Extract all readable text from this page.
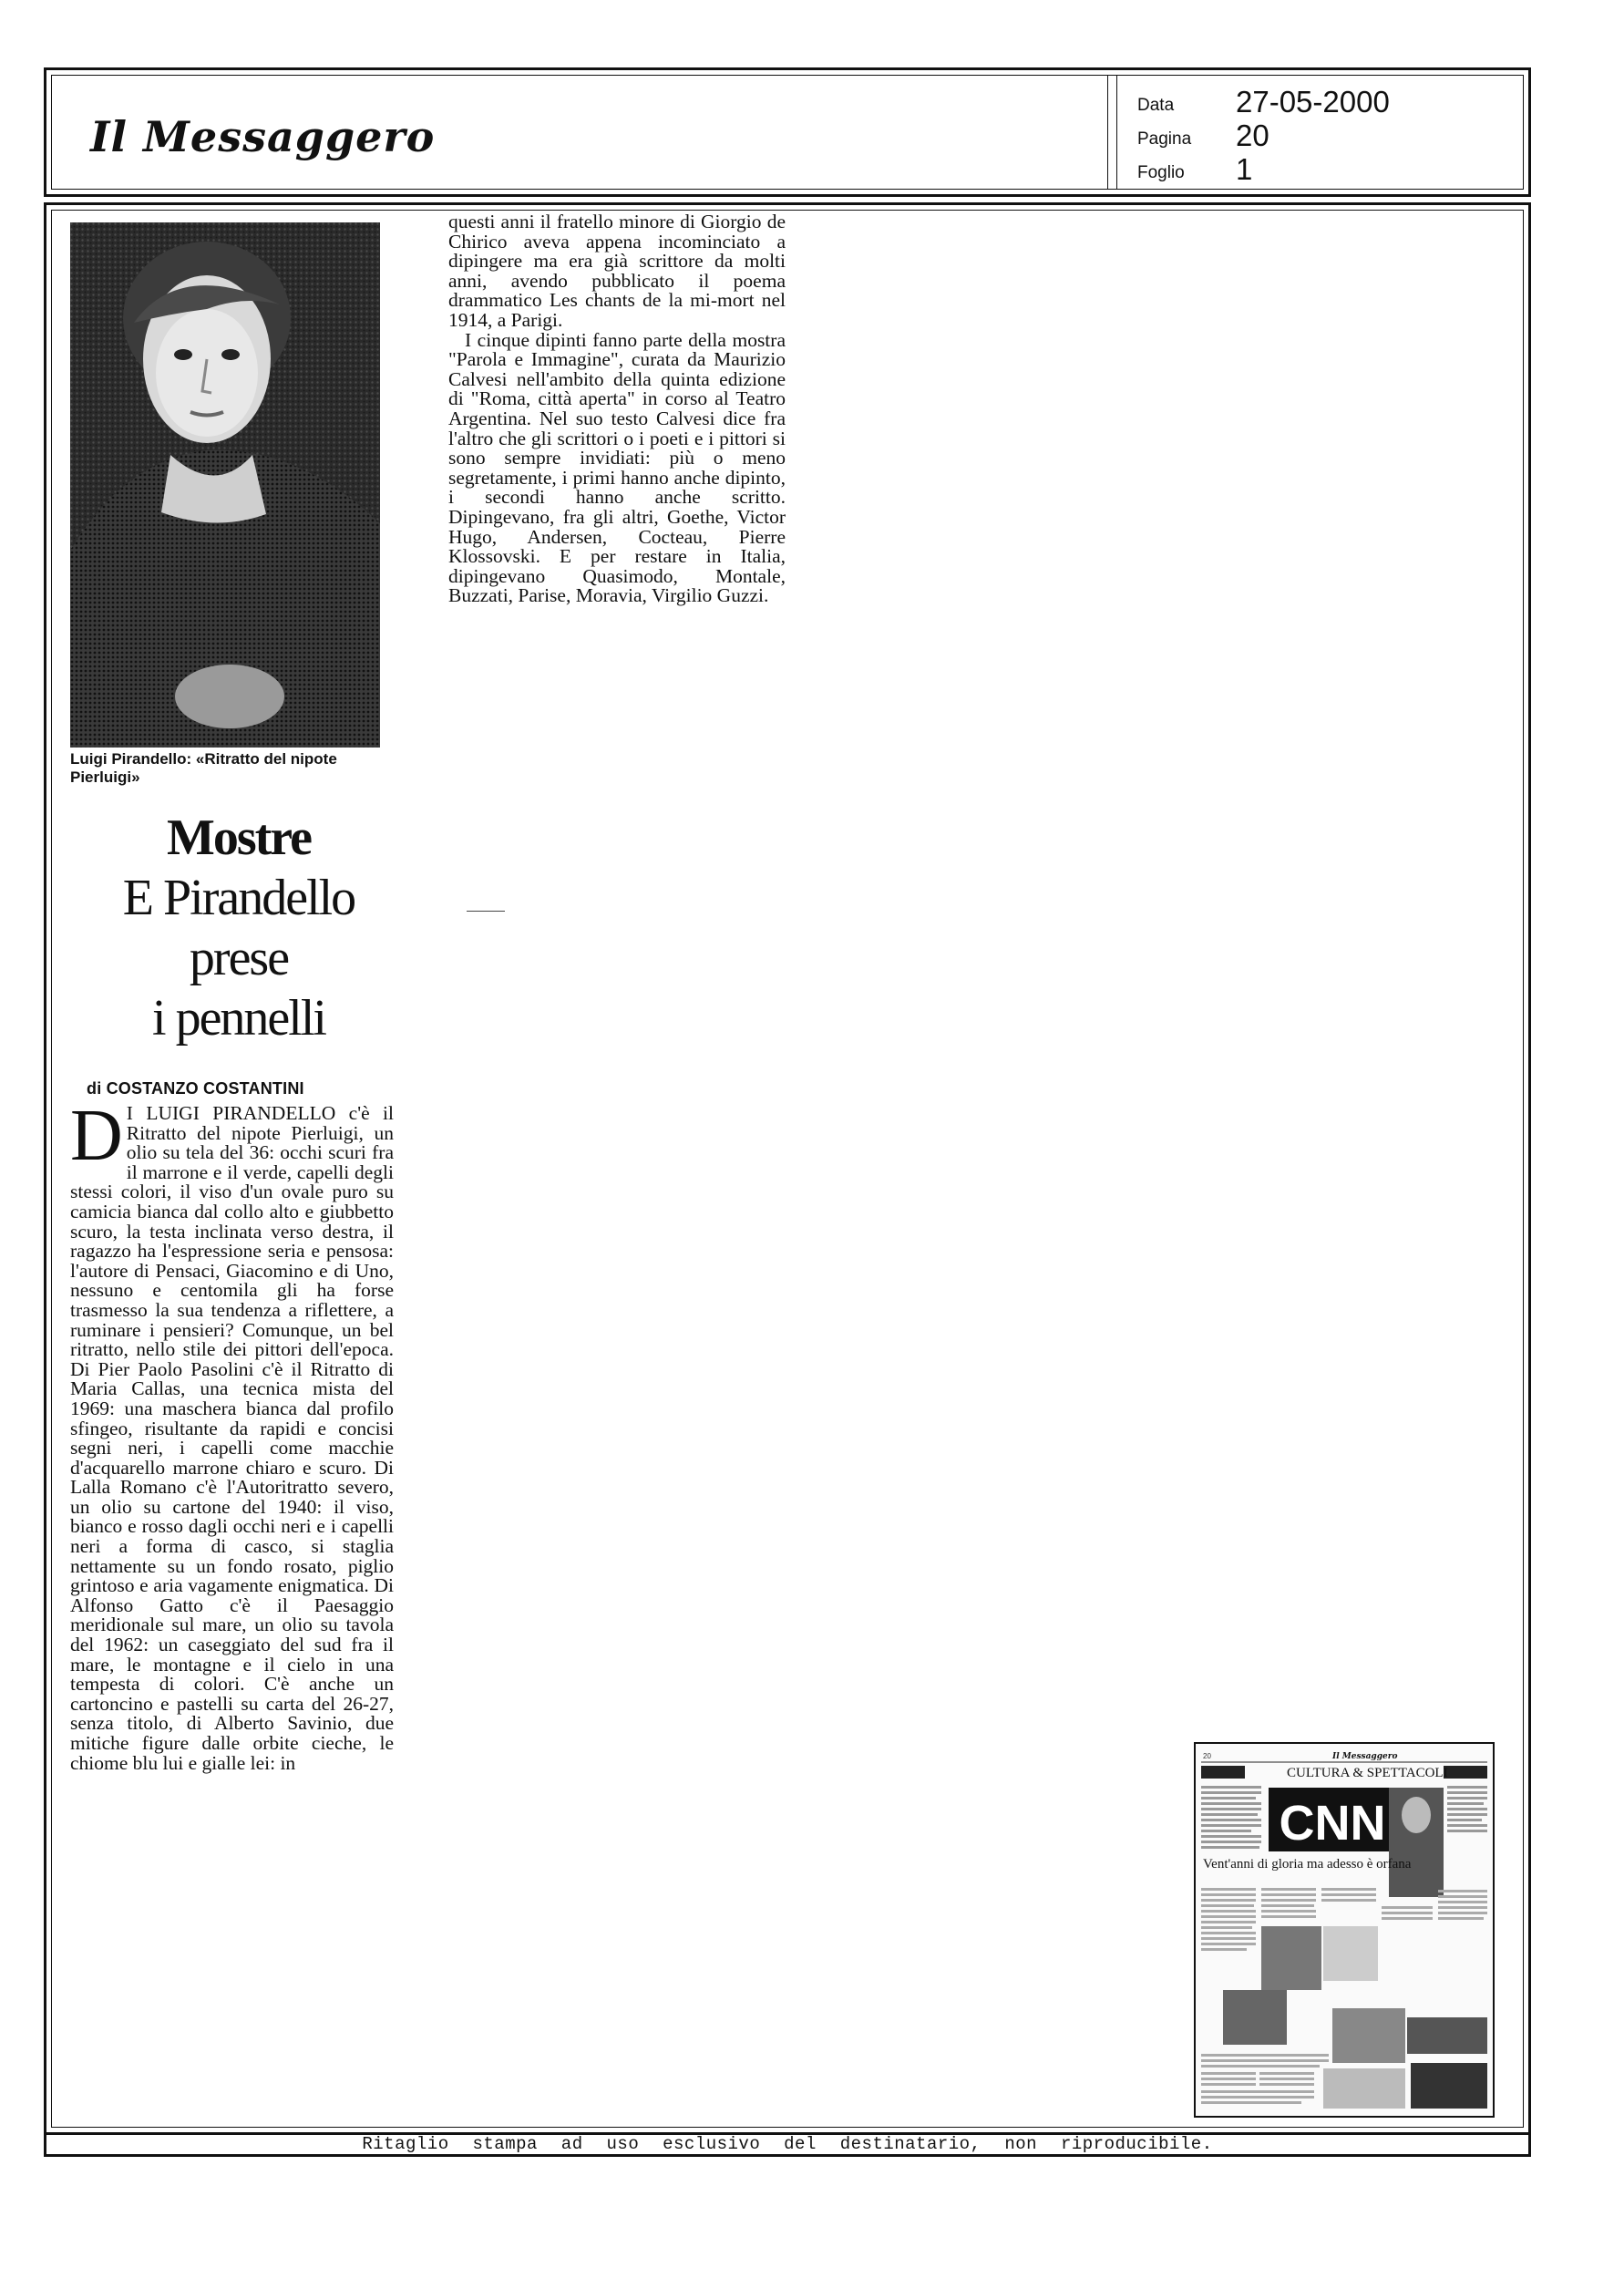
Il Messaggero
Data 27-05-2000
Pagina 20
Foglio 1
Luigi Pirandello: «Ritratto del nipote Pierluigi»
Mostre
E Pirandello
prese
i pennelli
di COSTANZO COSTANTINI

D I LUIGI PIRANDELLO c'è il Ritratto del nipote Pierluigi, un olio su tela del 36: occhi scuri fra il marrone e il verde, capelli degli stessi colori, il viso d'un ovale puro su camicia bianca dal collo alto e giubbetto scuro, la testa inclinata verso destra, il ragazzo ha l'espressione seria e pensosa: l'autore di Pensaci, Giacomino e di Uno, nessuno e centomila gli ha forse trasmesso la sua tendenza a riflettere, a ruminare i pensieri? Comunque, un bel ritratto, nello stile dei pittori dell'epoca. Di Pier Paolo Pasolini c'è il Ritratto di Maria Callas, una tecnica mista del 1969: una maschera bianca dal profilo sfingeo, risultante da rapidi e concisi segni neri, i capelli come macchie d'acquarello marrone chiaro e scuro. Di Lalla Romano c'è l'Autoritratto severo, un olio su cartone del 1940: il viso, bianco e rosso dagli occhi neri e i capelli neri a forma di casco, si staglia nettamente su un fondo rosato, piglio grintoso e aria vagamente enigmatica. Di Alfonso Gatto c'è il Paesaggio meridionale sul mare, un olio su tavola del 1962: un caseggiato del sud fra il mare, le montagne e il cielo in una tempesta di colori. C'è anche un cartoncino e pastelli su carta del 26-27, senza titolo, di Alberto Savinio, due mitiche figure dalle orbite cieche, le chiome blu lui e gialle lei: in

questi anni il fratello minore di Giorgio de Chirico aveva appena incominciato a dipingere ma era già scrittore da molti anni, avendo pubblicato il poema drammatico Les chants de la mi-mort nel 1914, a Parigi.

I cinque dipinti fanno parte della mostra "Parola e Immagine", curata da Maurizio Calvesi nell'ambito della quinta edizione di "Roma, città aperta" in corso al Teatro Argentina. Nel suo testo Calvesi dice fra l'altro che gli scrittori o i poeti e i pittori si sono sempre invidiati: più o meno segretamente, i primi hanno anche dipinto, i secondi hanno anche scritto. Dipingevano, fra gli altri, Goethe, Victor Hugo, Andersen, Cocteau, Pierre Klossovski. E per restare in Italia, dipingevano Quasimodo, Montale, Buzzati, Parise, Moravia, Virgilio Guzzi.

20	Il Messaggero
CULTURA & SPETTACOLI
CNN
Vent'anni di gloria ma adesso è orfana
Ritaglio stampa ad uso esclusivo del destinatario, non riproducibile.
